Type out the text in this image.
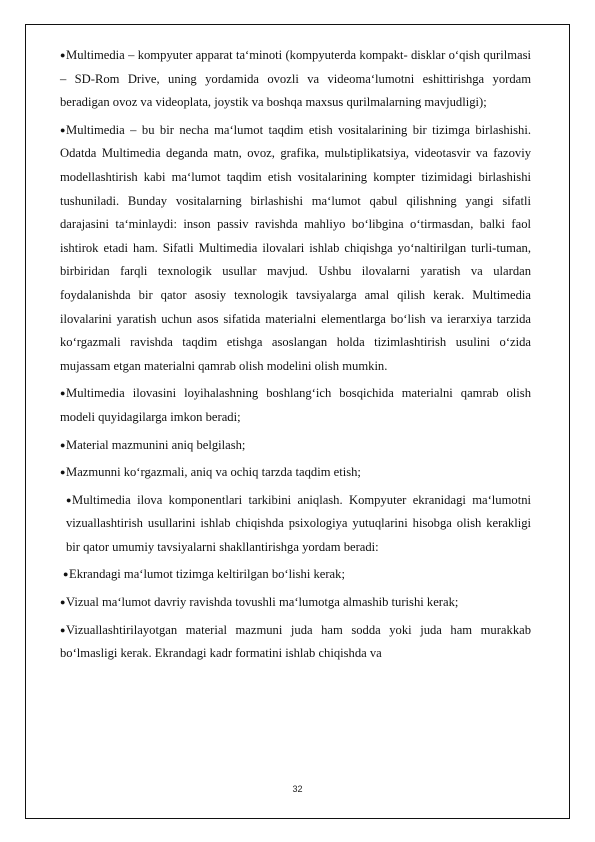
●Multimedia – kompyuter apparat ta‘minoti (kompyuterda kompakt- disklar o‘qish qurilmasi – SD-Rom Drive, uning yordamida ovozli va videoma‘lumotni eshittirishga yordam beradigan ovoz va videoplata, joystik va boshqa maxsus qurilmalarning mavjudligi);

●Multimedia – bu bir necha ma‘lumot taqdim etish vositalarining bir tizimga birlashishi. Odatda Multimedia deganda matn, ovoz, grafika, mulьtiplikatsiya, videotasvir va fazoviy modellashtirish kabi ma‘lumot taqdim etish vositalarining kompter tizimidagi birlashishi tushuniladi. Bunday vositalarning birlashishi ma‘lumot qabul qilishning yangi sifatli darajasini ta‘minlaydi: inson passiv ravishda mahliyo bo‘libgina o‘tirmasdan, balki faol ishtirok etadi ham. Sifatli Multimedia ilovalari ishlab chiqishga yo‘naltirilgan turli-tuman, birbiridan farqli texnologik usullar mavjud. Ushbu ilovalarni yaratish va ulardan foydalanishda bir qator asosiy texnologik tavsiyalarga amal qilish kerak. Multimedia ilovalarini yaratish uchun asos sifatida materialni elementlarga bo‘lish va ierarxiya tarzida ko‘rgazmali ravishda taqdim etishga asoslangan holda tizimlashtirish usulini o‘zida mujassam etgan materialni qamrab olish modelini olish mumkin.

●Multimedia ilovasini loyihalashning boshlang‘ich bosqichida materialni qamrab olish modeli quyidagilarga imkon beradi;

●Material mazmunini aniq belgilash;

●Mazmunni ko‘rgazmali, aniq va ochiq tarzda taqdim etish;

●Multimedia ilova komponentlari tarkibini aniqlash. Kompyuter ekranidagi ma‘lumotni vizuallashtirish usullarini ishlab chiqishda psixologiya yutuqlarini hisobga olish kerakligi bir qator umumiy tavsiyalarni shakllantirishga yordam beradi:

●Ekrandagi ma‘lumot tizimga keltirilgan bo‘lishi kerak;

●Vizual ma‘lumot davriy ravishda tovushli ma‘lumotga almashib turishi kerak;

●Vizuallashtirilayotgan material mazmuni juda ham sodda yoki juda ham murakkab bo‘lmasligi kerak. Ekrandagi kadr formatini ishlab chiqishda va

32
